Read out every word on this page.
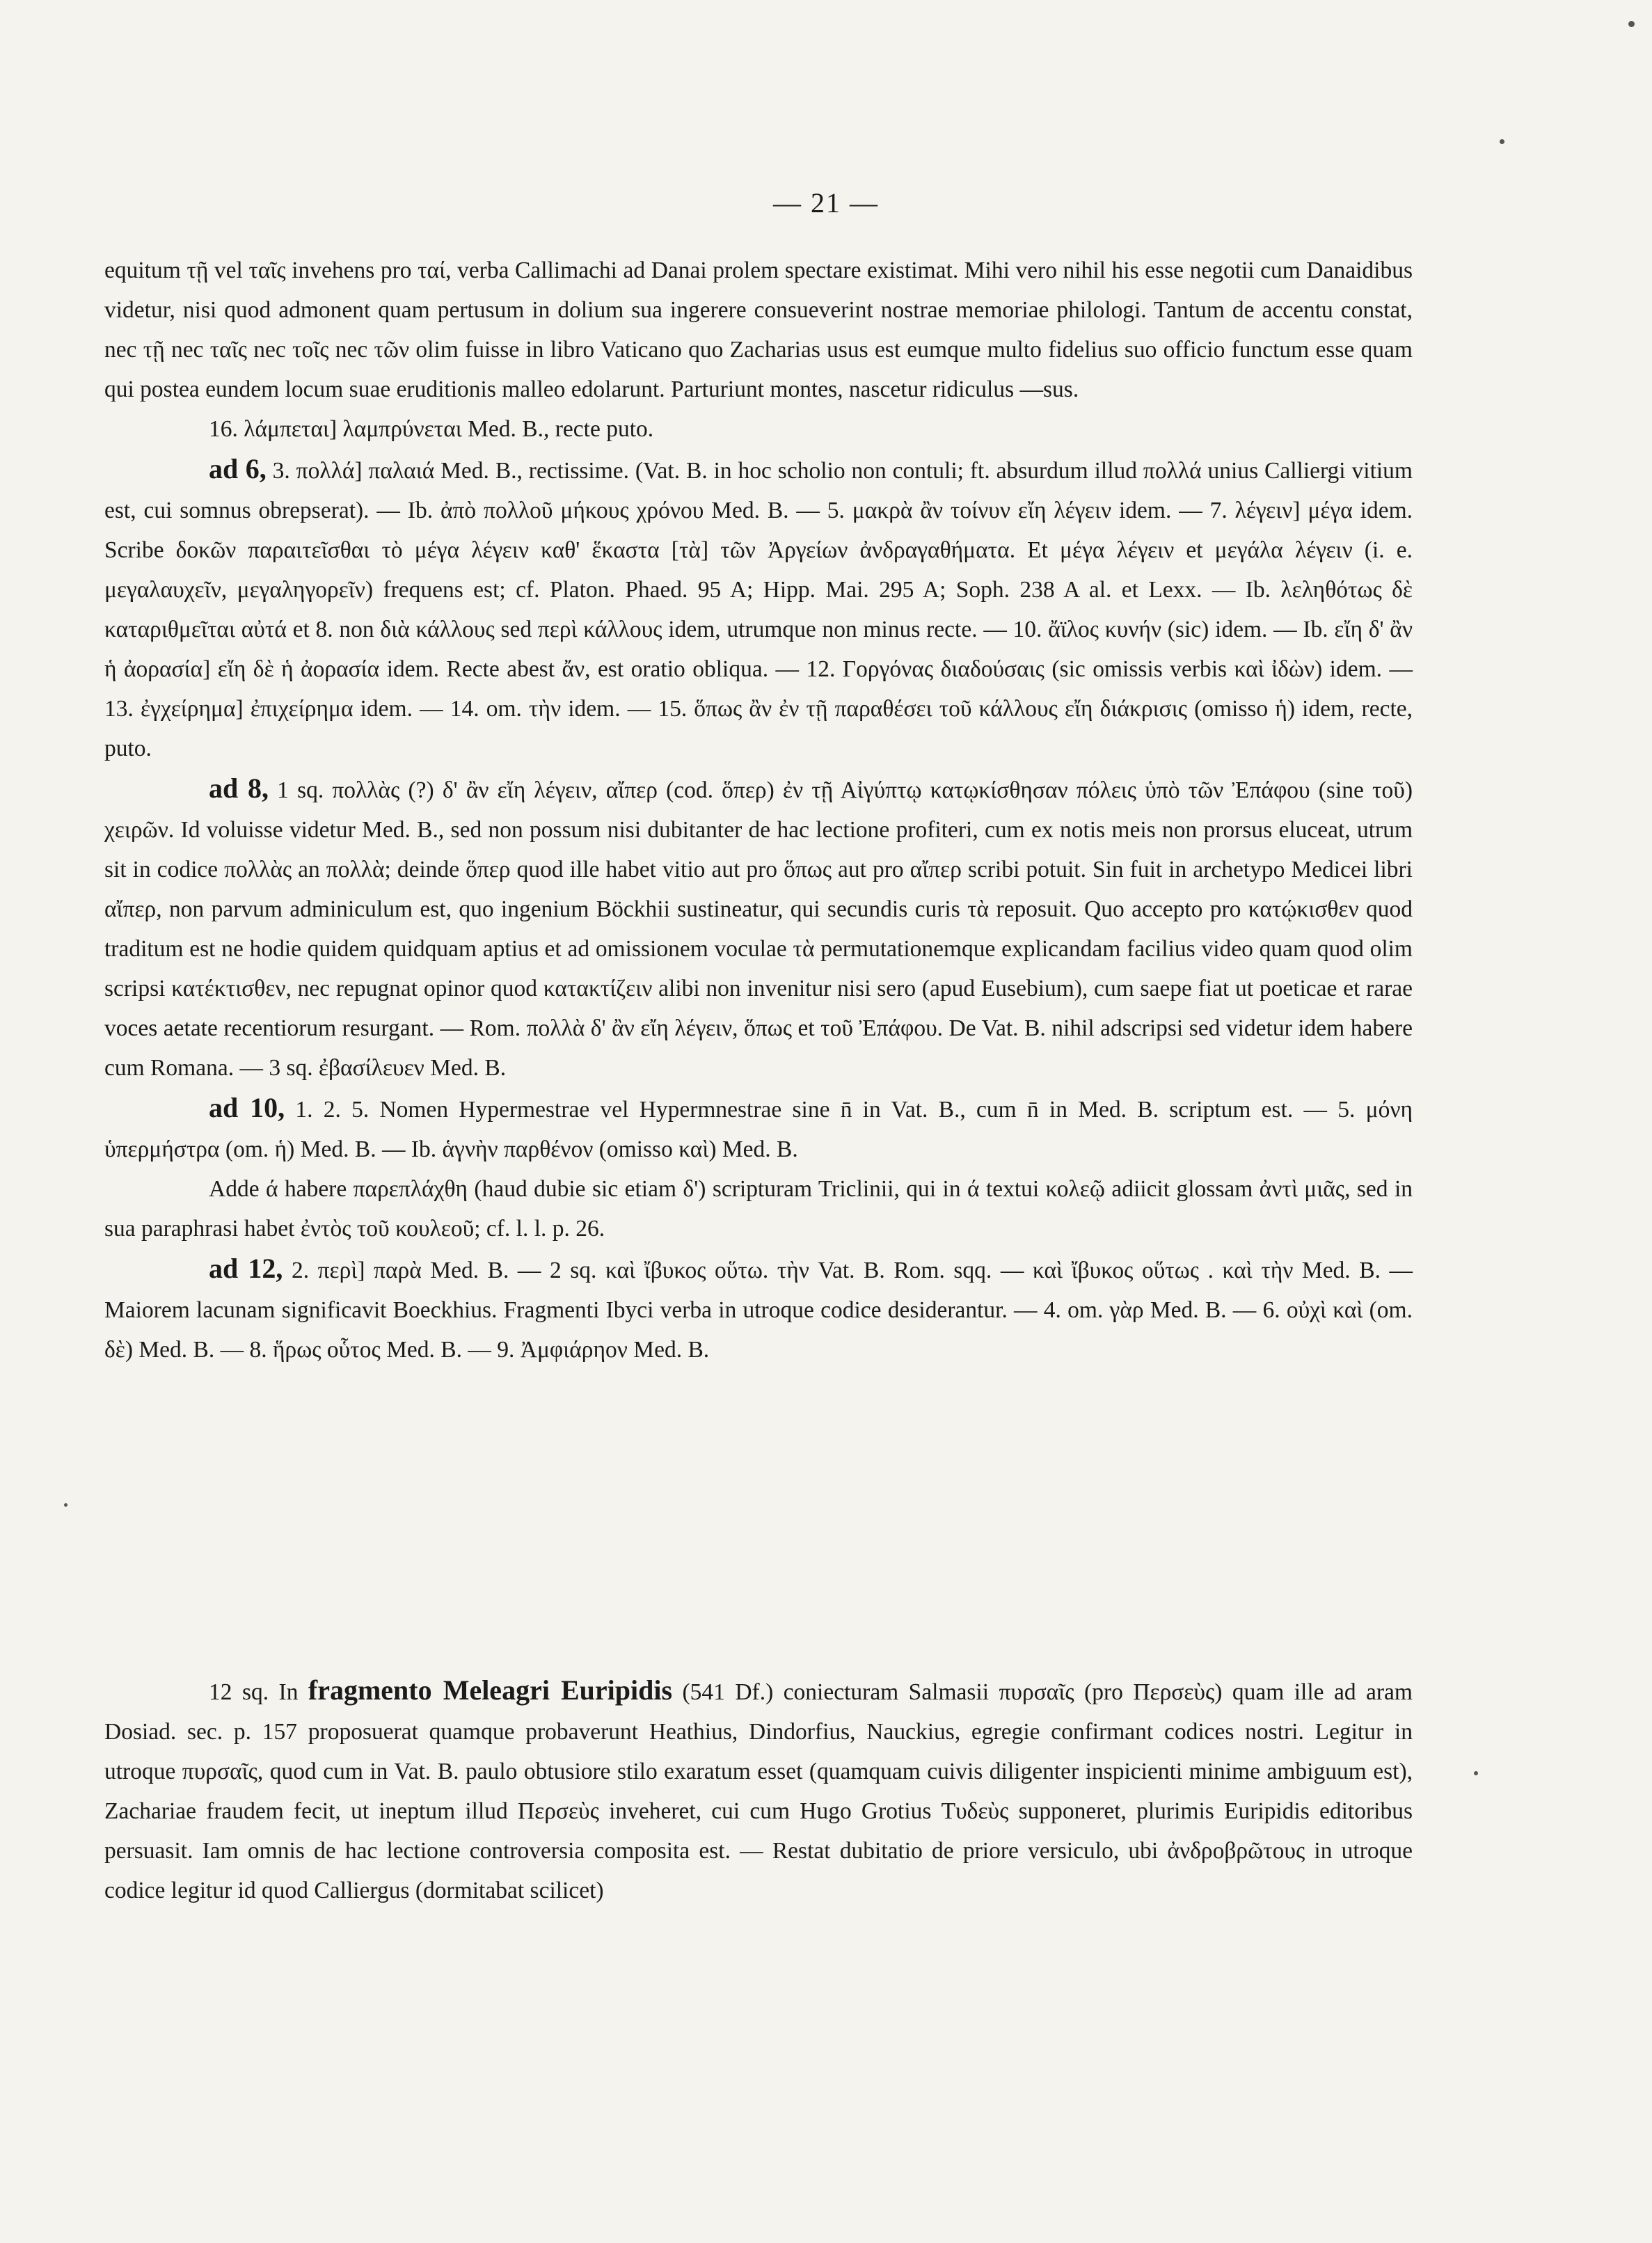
— 21 —

equitum τῇ vel ταῖς invehens pro ταί, verba Callimachi ad Danai prolem spectare existimat. Mihi vero nihil his esse negotii cum Danaidibus videtur, nisi quod admonent quam pertusum in dolium sua ingerere consueverint nostrae memoriae philologi. Tantum de accentu constat, nec τῇ nec ταῖς nec τοῖς nec τῶν olim fuisse in libro Vaticano quo Zacharias usus est eumque multo fidelius suo officio functum esse quam qui postea eundem locum suae eruditionis malleo edolarunt. Parturiunt montes, nascetur ridiculus —sus.

16. λάμπεται] λαμπρύνεται Med. B., recte puto.

ad 6, 3. πολλά] παλαιά Med. B., rectissime. (Vat. B. in hoc scholio non contuli; ft. absurdum illud πολλά unius Calliergi vitium est, cui somnus obrepserat). — Ib. ἀπὸ πολλοῦ μήκους χρόνου Med. B. — 5. μακρὰ ἂν τοίνυν εἴη λέγειν idem. — 7. λέγειν] μέγα idem. Scribe δοκῶν παραιτεῖσθαι τὸ μέγα λέγειν καθ' ἕκαστα [τὰ] τῶν Ἀργείων ἀνδραγαθήματα. Et μέγα λέγειν et μεγάλα λέγειν (i. e. μεγαλαυχεῖν, μεγαληγορεῖν) frequens est; cf. Platon. Phaed. 95 A; Hipp. Mai. 295 A; Soph. 238 A al. et Lexx. — Ib. λεληθότως δὲ καταριθμεῖται αὐτά et 8. non διὰ κάλλους sed περὶ κάλλους idem, utrumque non minus recte. — 10. ἄϊλος κυνήν (sic) idem. — Ib. εἴη δ' ἂν ἡ ἀορασία] εἴη δὲ ἡ ἀορασία idem. Recte abest ἄν, est oratio obliqua. — 12. Γοργόνας διαδούσαις (sic omissis verbis καὶ ἰδὼν) idem. — 13. ἐγχείρημα] ἐπιχείρημα idem. — 14. om. τὴν idem. — 15. ὅπως ἂν ἐν τῇ παραθέσει τοῦ κάλλους εἴη διάκρισις (omisso ἡ) idem, recte, puto.

ad 8, 1 sq. πολλὰς (?) δ' ἂν εἴη λέγειν, αἴπερ (cod. ὅπερ) ἐν τῇ Αἰγύπτῳ κατῳκίσθησαν πόλεις ὑπὸ τῶν Ἐπάφου (sine τοῦ) χειρῶν. Id voluisse videtur Med. B., sed non possum nisi dubitanter de hac lectione profiteri, cum ex notis meis non prorsus eluceat, utrum sit in codice πολλὰς an πολλὰ; deinde ὅπερ quod ille habet vitio aut pro ὅπως aut pro αἴπερ scribi potuit. Sin fuit in archetypo Medicei libri αἴπερ, non parvum adminiculum est, quo ingenium Böckhii sustineatur, qui secundis curis τὰ reposuit. Quo accepto pro κατῴκισθεν quod traditum est ne hodie quidem quidquam aptius et ad omissionem voculae τὰ permutationemque explicandam facilius video quam quod olim scripsi κατέκτισθεν, nec repugnat opinor quod κατακτίζειν alibi non invenitur nisi sero (apud Eusebium), cum saepe fiat ut poeticae et rarae voces aetate recentiorum resurgant. — Rom. πολλὰ δ' ἂν εἴη λέγειν, ὅπως et τοῦ Ἐπάφου. De Vat. B. nihil adscripsi sed videtur idem habere cum Romana. — 3 sq. ἐβασίλευεν Med. B.

ad 10, 1. 2. 5. Nomen Hypermestrae vel Hypermnestrae sine n̄ in Vat. B., cum n̄ in Med. B. scriptum est. — 5. μόνη ὑπερμήστρα (om. ἡ) Med. B. — Ib. ἁγνὴν παρθένον (omisso καὶ) Med. B.

Adde ά habere παρεπλάχθη (haud dubie sic etiam δ') scripturam Triclinii, qui in ά textui κολεῷ adiicit glossam ἀντὶ μιᾶς, sed in sua paraphrasi habet ἐντὸς τοῦ κουλεοῦ; cf. l. l. p. 26.

ad 12, 2. περὶ] παρὰ Med. B. — 2 sq. καὶ ἴβυκος οὕτω. τὴν Vat. B. Rom. sqq. — καὶ ἴβυκος οὕτως . καὶ τὴν Med. B. — Maiorem lacunam significavit Boeckhius. Fragmenti Ibyci verba in utroque codice desiderantur. — 4. om. γὰρ Med. B. — 6. οὐχὶ καὶ (om. δὲ) Med. B. — 8. ἥρως οὗτος Med. B. — 9. Ἀμφιάρηον Med. B.

12 sq. In fragmento Meleagri Euripidis (541 Df.) coniecturam Salmasii πυρσαῖς (pro Περσεὺς) quam ille ad aram Dosiad. sec. p. 157 proposuerat quamque probaverunt Heathius, Dindorfius, Nauckius, egregie confirmant codices nostri. Legitur in utroque πυρσαῖς, quod cum in Vat. B. paulo obtusiore stilo exaratum esset (quamquam cuivis diligenter inspicienti minime ambiguum est), Zachariae fraudem fecit, ut ineptum illud Περσεὺς inveheret, cui cum Hugo Grotius Τυδεὺς supponeret, plurimis Euripidis editoribus persuasit. Iam omnis de hac lectione controversia composita est. — Restat dubitatio de priore versiculo, ubi ἀνδροβρῶτους in utroque codice legitur id quod Calliergus (dormitabat scilicet)
